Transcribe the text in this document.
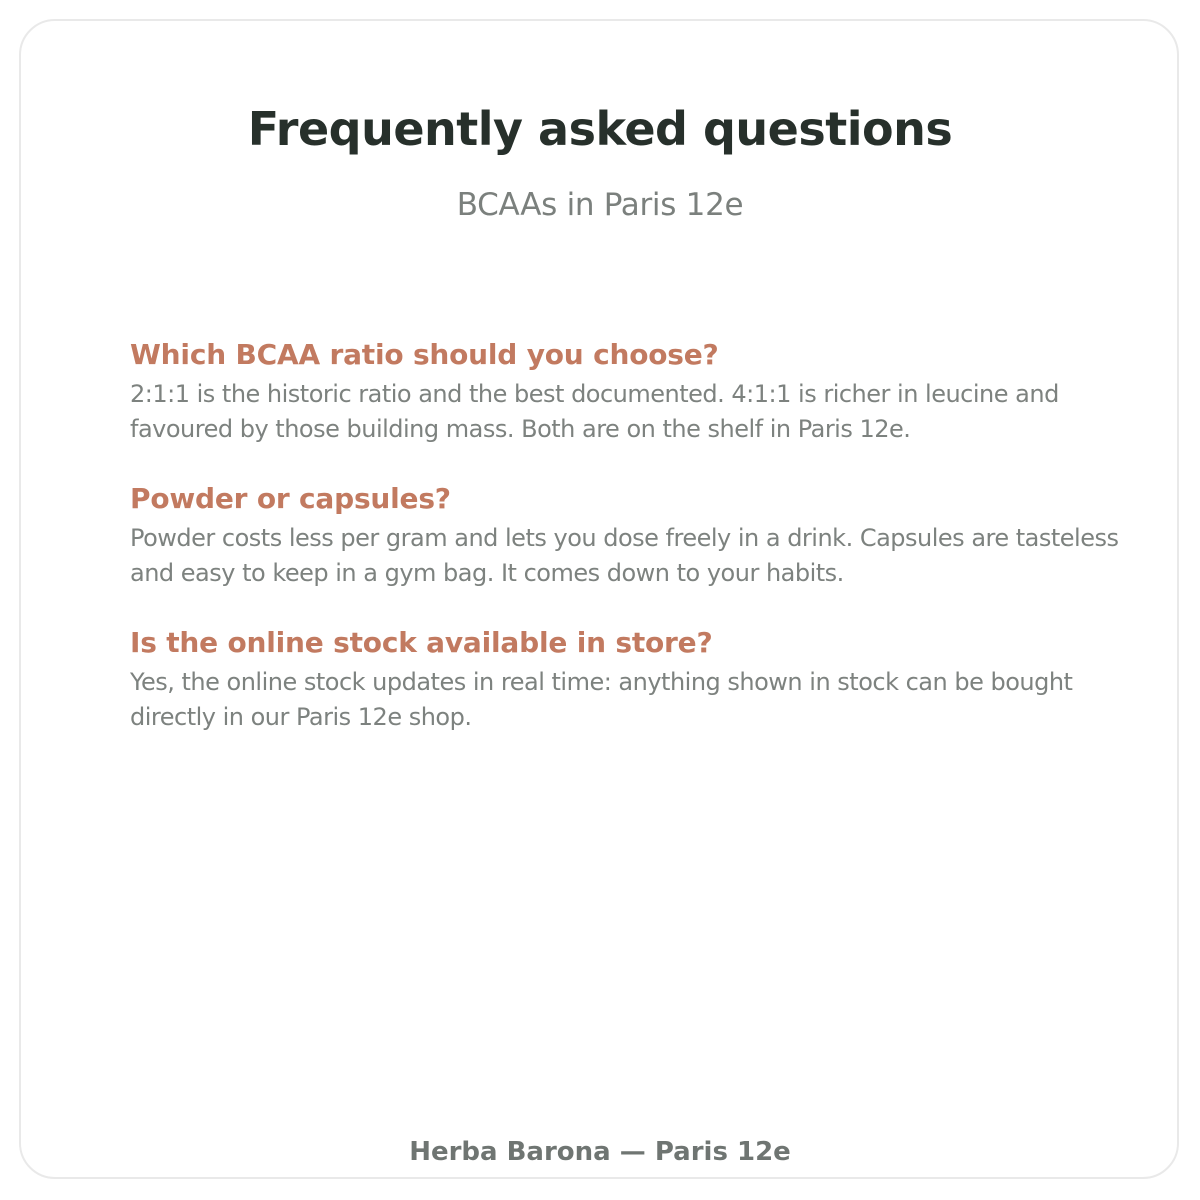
Frequently asked questions
BCAAs in Paris 12e
Which BCAA ratio should you choose?
2:1:1 is the historic ratio and the best documented. 4:1:1 is richer in leucine and favoured by those building mass. Both are on the shelf in Paris 12e.
Powder or capsules?
Powder costs less per gram and lets you dose freely in a drink. Capsules are tasteless and easy to keep in a gym bag. It comes down to your habits.
Is the online stock available in store?
Yes, the online stock updates in real time: anything shown in stock can be bought directly in our Paris 12e shop.
Herba Barona — Paris 12e
